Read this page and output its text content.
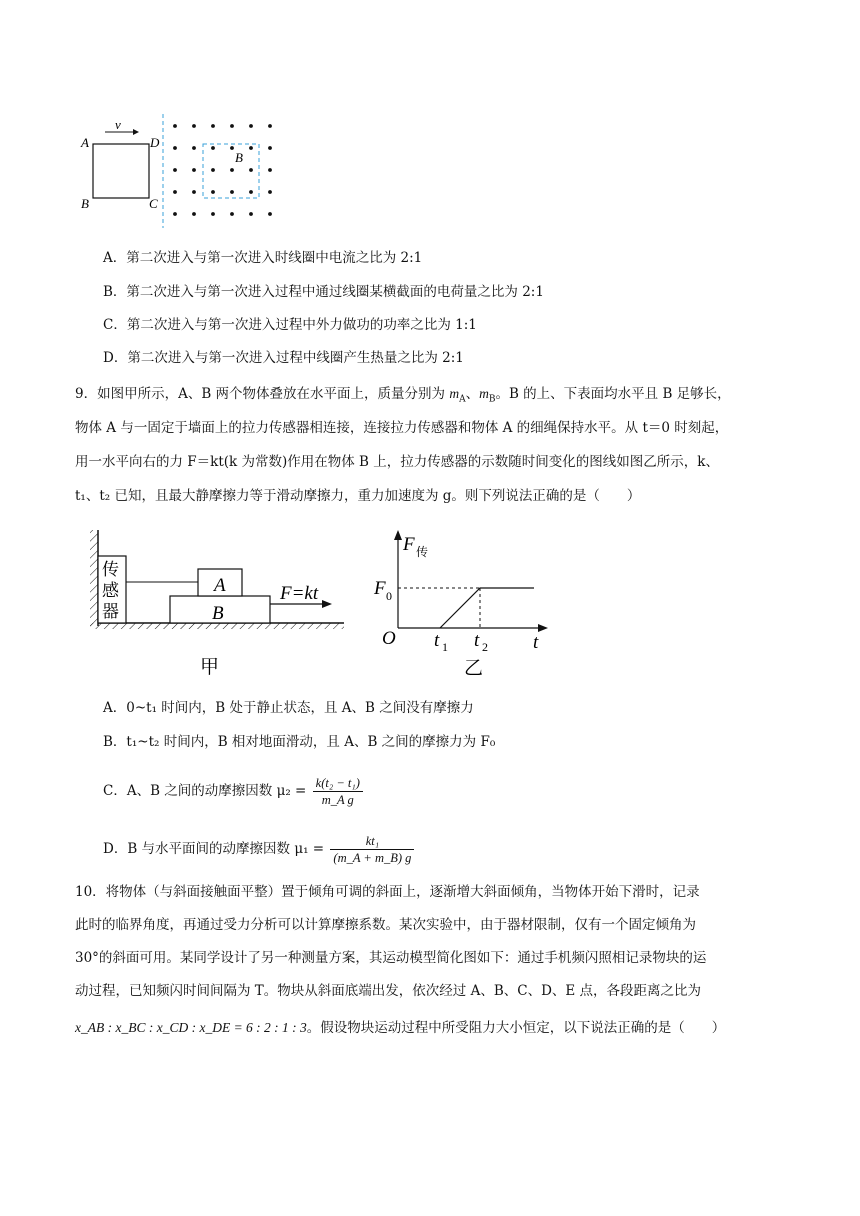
A
B	C
D
v
B
A．第二次进入与第一次进入时线圈中电流之比为 2:1
B．第二次进入与第一次进入过程中通过线圈某横截面的电荷量之比为 2:1
C．第二次进入与第一次进入过程中外力做功的功率之比为 1:1
D．第二次进入与第一次进入过程中线圈产生热量之比为 2:1
9．如图甲所示，A、B 两个物体叠放在水平面上，质量分别为 $m_A$、$m_B$。B 的上、下表面均水平且 B 足够长，
物体 A 与一固定于墙面上的拉力传感器相连接，连接拉力传感器和物体 A 的细绳保持水平。从 t＝0 时刻起，
用一水平向右的力 F＝kt(k 为常数)作用在物体 B 上，拉力传感器的示数随时间变化的图线如图乙所示，k、
t₁、t₂ 已知，且最大静摩擦力等于滑动摩擦力，重力加速度为 g。则下列说法正确的是（　　）
传
感
器	B
A	F=kt
甲
F 传
F 0
O t 1 t 2 t
乙
A．0~t₁ 时间内，B 处于静止状态，且 A、B 之间没有摩擦力
B．t₁~t₂ 时间内，B 相对地面滑动，且 A、B 之间的摩擦力为 F₀
C．A、B 之间的动摩擦因数 $\mu_2 = \frac{\text{k(t₂ − t₁)}}{\text{m\_A g}}$
D．B 与水平面间的动摩擦因数 $\mu_1 = \frac{\text{kt₁}}{(m\_A + m\_B) g}$
10．将物体（与斜面接触面平整）置于倾角可调的斜面上，逐渐增大斜面倾角，当物体开始下滑时，记录
此时的临界角度，再通过受力分析可以计算摩擦系数。某次实验中，由于器材限制，仅有一个固定倾角为
30°的斜面可用。某同学设计了另一种测量方案，其运动模型简化图如下：通过手机频闪照相记录物块的运
动过程，已知频闪时间间隔为 T。物块从斜面底端出发，依次经过 A、B、C、D、E 点，各段距离之比为
x_AB : x_BC : x_CD : x_DE = 6 : 2 : 1 : 3。假设物块运动过程中所受阻力大小恒定，以下说法正确的是（　　）
